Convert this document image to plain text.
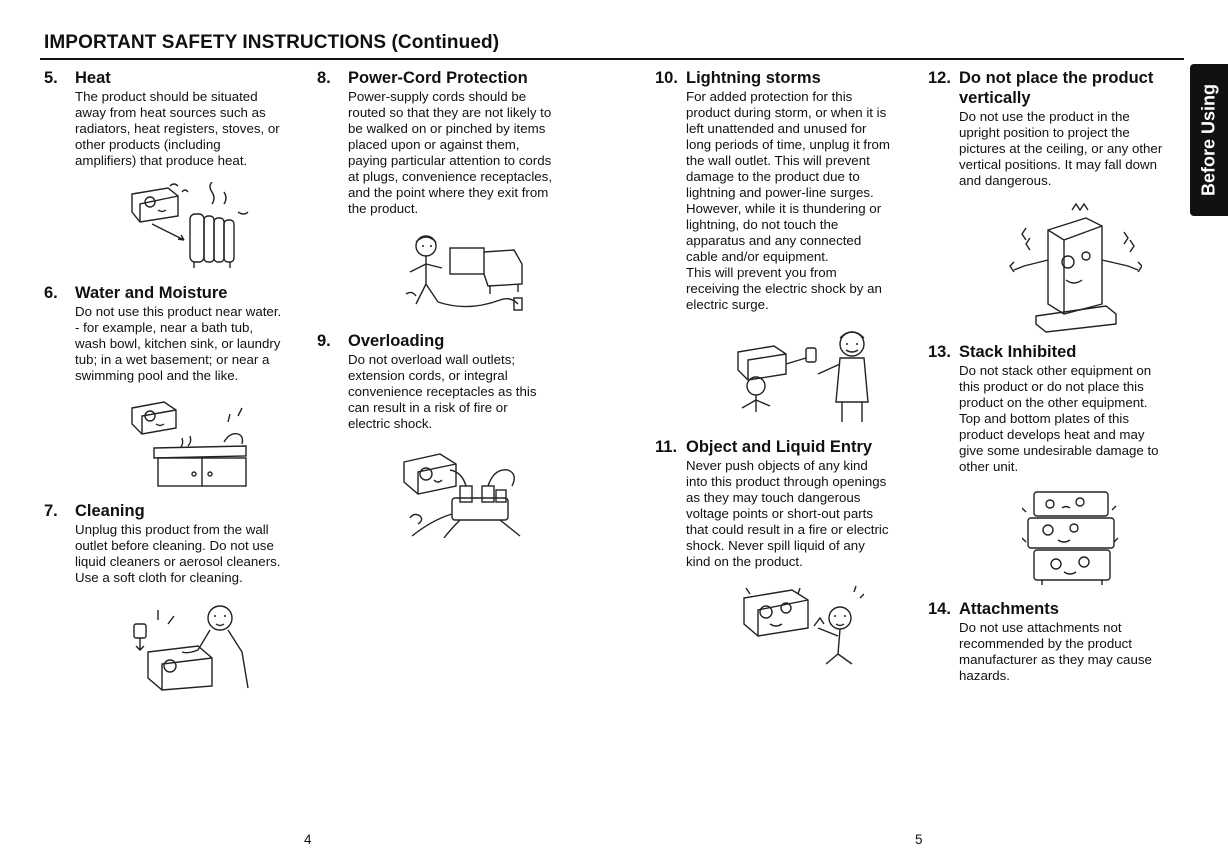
IMPORTANT SAFETY INSTRUCTIONS (Continued)
5.	Heat
The product should be situated
away from heat sources such as
radiators, heat registers, stoves, or
other products (including
amplifiers) that produce heat.
6.	Water and Moisture
Do not use this product near water.
- for example, near a bath tub,
wash bowl, kitchen sink, or laundry
tub; in a wet basement; or near a
swimming pool and the like.
7.	Cleaning
Unplug this product from the wall
outlet before cleaning. Do not use
liquid cleaners or aerosol cleaners.
Use a soft cloth for cleaning.
8.	Power-Cord Protection
Power-supply cords should be
routed so that they are not likely to
be walked on or pinched by items
placed upon or against them,
paying particular attention to cords
at plugs, convenience receptacles,
and the point where they exit from
the product.
9.	Overloading
Do not overload wall outlets;
extension cords, or integral
convenience receptacles as this
can result in a risk of fire or
electric shock.
10. Lightning storms
For added protection for this
product during storm, or when it is
left unattended and unused for
long periods of time, unplug it from
the wall outlet. This will prevent
damage to the product due to
lightning and power-line surges.
However, while it is thundering or
lightning, do not touch the
apparatus and any connected
cable and/or equipment.
This will prevent you from
receiving the electric shock by an
electric surge.
11. Object and Liquid Entry
Never push objects of any kind
into this product through openings
as they may touch dangerous
voltage points or short-out parts
that could result in a fire or electric
shock. Never spill liquid of any
kind on the product.
12. Do not place the product
vertically
Do not use the product in the
upright position to project the
pictures at the ceiling, or any other
vertical positions. It may fall down
and dangerous.
13. Stack Inhibited
Do not stack other equipment on
this product or do not place this
product on the other equipment.
Top and bottom plates of this
product develops heat and may
give some undesirable damage to
other unit.
14. Attachments
Do not use attachments not
recommended by the product
manufacturer as they may cause
hazards.
Before Using
4	5
